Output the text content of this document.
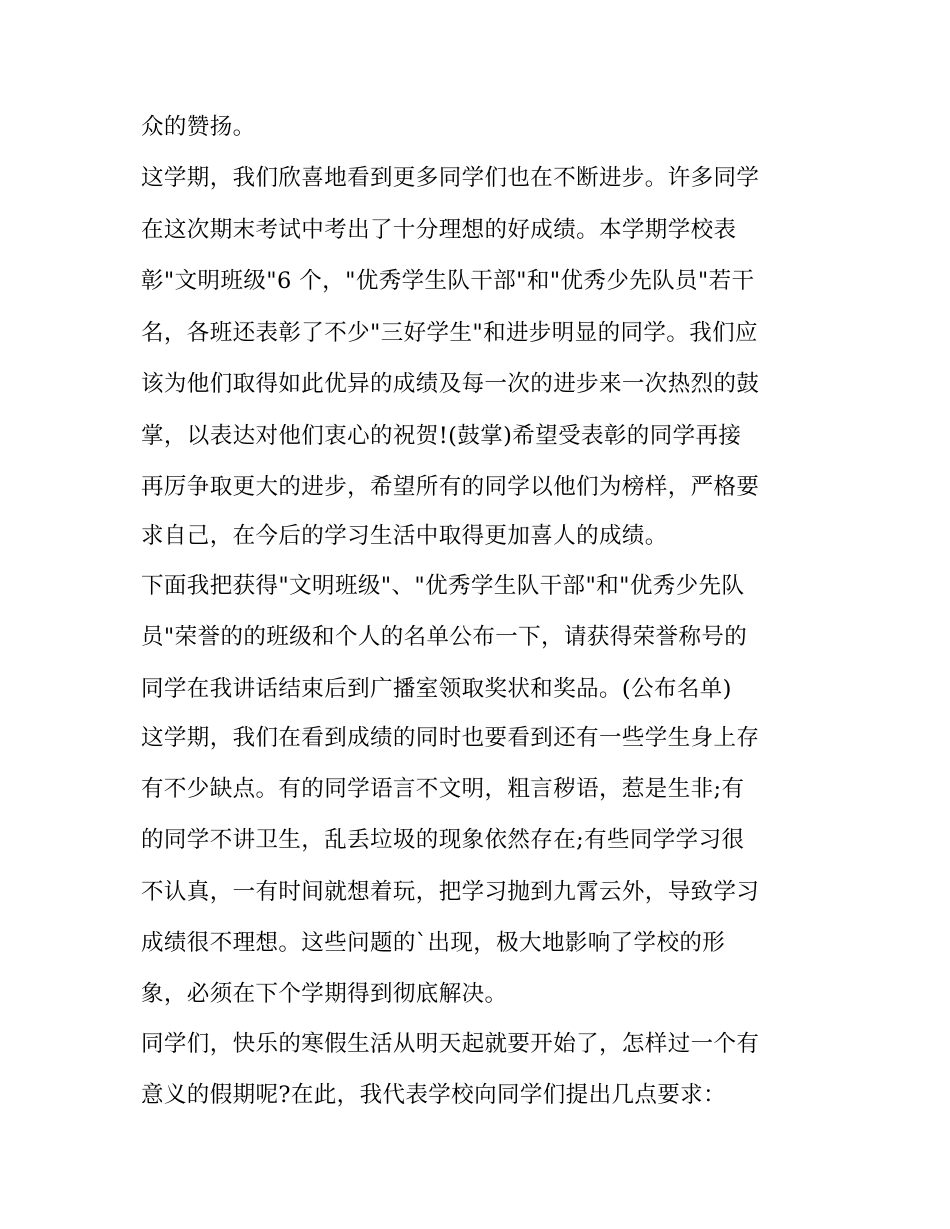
众的赞扬。

这学期，我们欣喜地看到更多同学们也在不断进步。许多同学

在这次期末考试中考出了十分理想的好成绩。本学期学校表

彰"文明班级"6 个，"优秀学生队干部"和"优秀少先队员"若干

名，各班还表彰了不少"三好学生"和进步明显的同学。我们应

该为他们取得如此优异的成绩及每一次的进步来一次热烈的鼓

掌，以表达对他们衷心的祝贺!(鼓掌)希望受表彰的同学再接

再厉争取更大的进步，希望所有的同学以他们为榜样，严格要

求自己，在今后的学习生活中取得更加喜人的成绩。

下面我把获得"文明班级"、"优秀学生队干部"和"优秀少先队

员"荣誉的的班级和个人的名单公布一下，请获得荣誉称号的

同学在我讲话结束后到广播室领取奖状和奖品。(公布名单)

这学期，我们在看到成绩的同时也要看到还有一些学生身上存

有不少缺点。有的同学语言不文明，粗言秽语，惹是生非;有

的同学不讲卫生，乱丢垃圾的现象依然存在;有些同学学习很

不认真，一有时间就想着玩，把学习抛到九霄云外，导致学习

成绩很不理想。这些问题的`出现，极大地影响了学校的形

象，必须在下个学期得到彻底解决。

同学们，快乐的寒假生活从明天起就要开始了，怎样过一个有

意义的假期呢?在此，我代表学校向同学们提出几点要求：
